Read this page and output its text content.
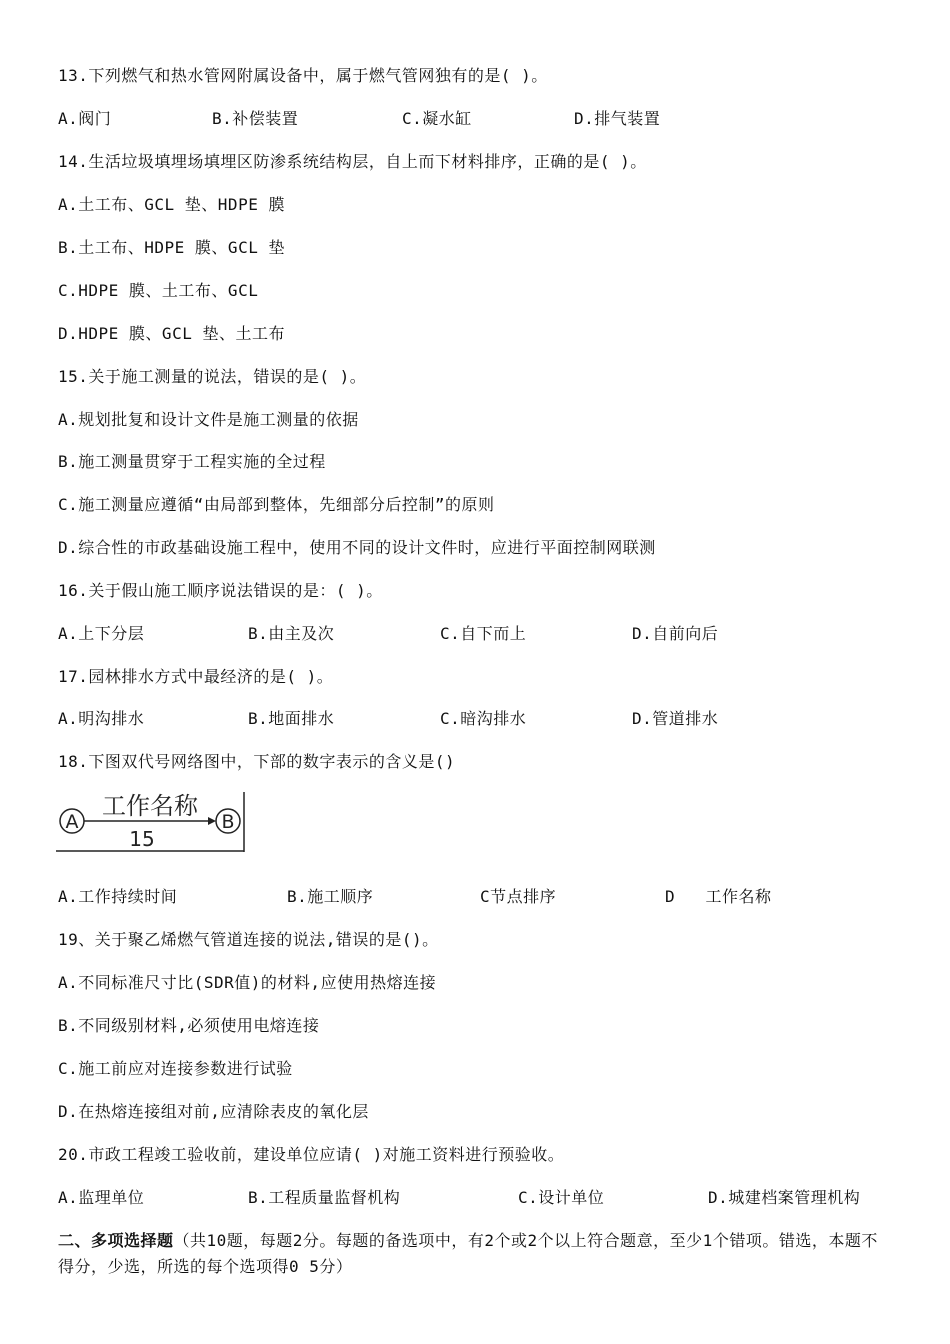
13.下列燃气和热水管网附属设备中，属于燃气管网独有的是( )。
A.阀门	B.补偿装置	C.凝水缸	D.排气装置
14.生活垃圾填埋场填埋区防渗系统结构层，自上而下材料排序，正确的是( )。
A.土工布、GCL 垫、HDPE 膜
B.土工布、HDPE 膜、GCL 垫
C.HDPE 膜、土工布、GCL
D.HDPE 膜、GCL 垫、土工布
15.关于施工测量的说法，错误的是( )。
A.规划批复和设计文件是施工测量的依据
B.施工测量贯穿于工程实施的全过程
C.施工测量应遵循“由局部到整体，先细部分后控制”的原则
D.综合性的市政基础设施工程中，使用不同的设计文件时，应进行平面控制网联测
16.关于假山施工顺序说法错误的是：( )。
A.上下分层	B.由主及次	C.自下而上	D.自前向后
17.园林排水方式中最经济的是( )。
A.明沟排水	B.地面排水	C.暗沟排水	D.管道排水
18.下图双代号网络图中，下部的数字表示的含义是()
A	B
工作名称
15
A.工作持续时间	B.施工顺序	C节点排序	D   工作名称
19、关于聚乙烯燃气管道连接的说法,错误的是()。
A.不同标准尺寸比(SDR值)的材料,应使用热熔连接
B.不同级别材料,必须使用电熔连接
C.施工前应对连接参数进行试验
D.在热熔连接组对前,应清除表皮的氧化层
20.市政工程竣工验收前，建设单位应请( )对施工资料进行预验收。
A.监理单位	B.工程质量监督机构	C.设计单位	D.城建档案管理机构
二、多项选择题（共10题，每题2分。每题的备选项中，有2个或2个以上符合题意，至少1个错项。错选，本题不得分，少选，所选的每个选项得0 5分）
